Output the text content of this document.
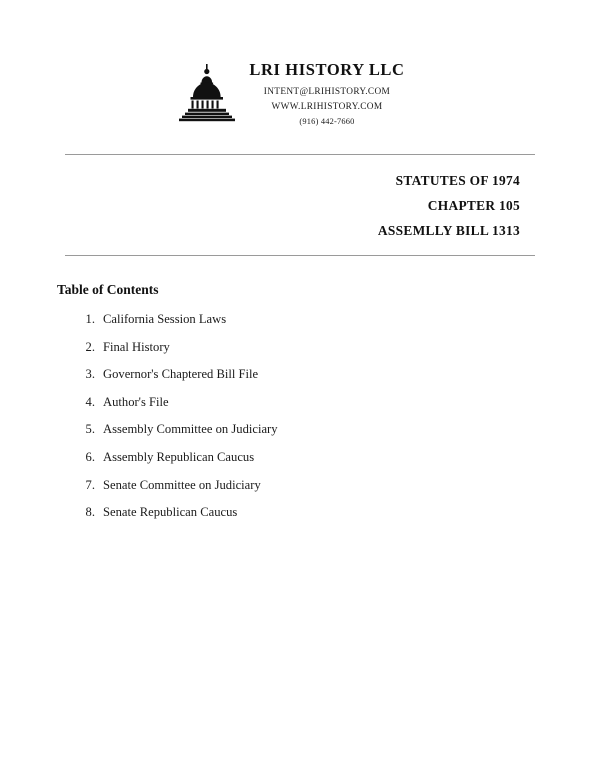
LRI HISTORY LLC
INTENT@LRIHISTORY.COM
WWW.LRIHISTORY.COM
(916) 442-7660
STATUTES OF 1974
CHAPTER 105
ASSEMLLY BILL 1313
Table of Contents
California Session Laws
Final History
Governor's Chaptered Bill File
Author's File
Assembly Committee on Judiciary
Assembly Republican Caucus
Senate Committee on Judiciary
Senate Republican Caucus
